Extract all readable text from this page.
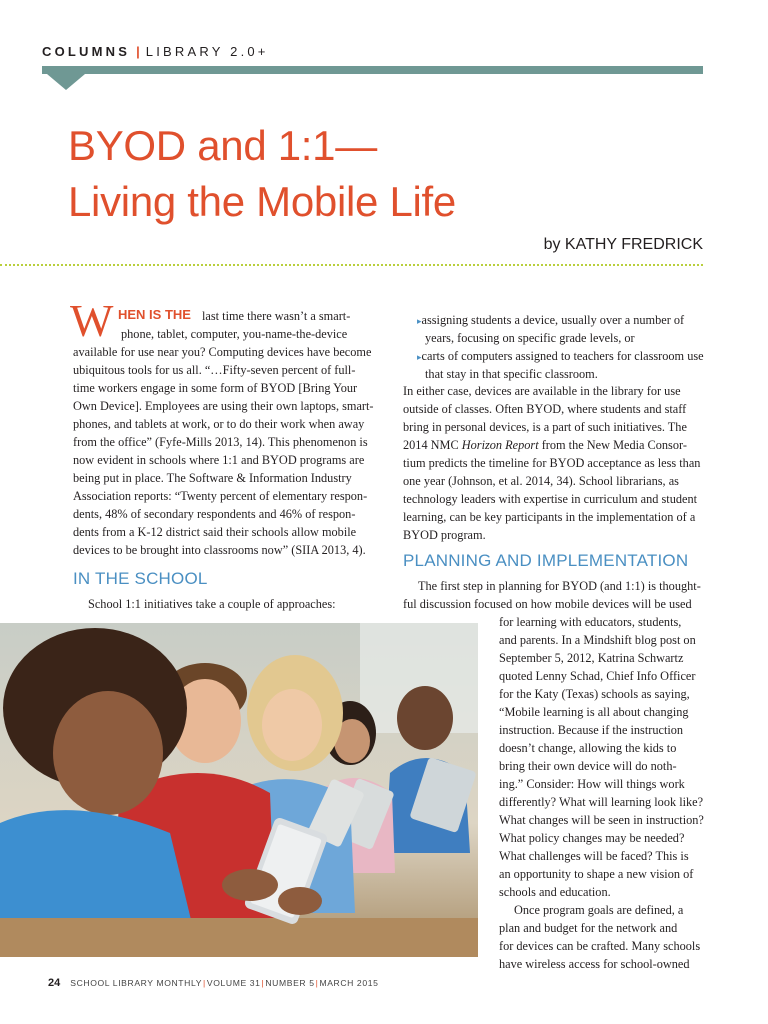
COLUMNS | LIBRARY 2.0+
BYOD and 1:1—
Living the Mobile Life
by KATHY FREDRICK
W HEN IS THE last time there wasn’t a smart-
phone, tablet, computer, you-name-the-device
available for use near you? Computing devices have become
ubiquitous tools for us all. “…Fifty-seven percent of full-
time workers engage in some form of BYOD [Bring Your
Own Device]. Employees are using their own laptops, smart-
phones, and tablets at work, or to do their work when away
from the office” (Fyfe-Mills 2013, 14). This phenomenon is
now evident in schools where 1:1 and BYOD programs are
being put in place. The Software & Information Industry
Association reports: “Twenty percent of elementary respon-
dents, 48% of secondary respondents and 46% of respon-
dents from a K-12 district said their schools allow mobile
devices to be brought into classrooms now” (SIIA 2013, 4).
IN THE SCHOOL
School 1:1 initiatives take a couple of approaches:
▸assigning students a device, usually over a number of
years, focusing on specific grade levels, or
▸carts of computers assigned to teachers for classroom use
that stay in that specific classroom.
In either case, devices are available in the library for use
outside of classes. Often BYOD, where students and staff
bring in personal devices, is a part of such initiatives. The
2014 NMC Horizon Report from the New Media Consor-
tium predicts the timeline for BYOD acceptance as less than
one year (Johnson, et al. 2014, 34). School librarians, as
technology leaders with expertise in curriculum and student
learning, can be key participants in the implementation of a
BYOD program.
PLANNING AND IMPLEMENTATION
The first step in planning for BYOD (and 1:1) is thought-
ful discussion focused on how mobile devices will be used
for learning with educators, students,
and parents. In a Mindshift blog post on
September 5, 2012, Katrina Schwartz
quoted Lenny Schad, Chief Info Officer
for the Katy (Texas) schools as saying,
“Mobile learning is all about changing
instruction. Because if the instruction
doesn’t change, allowing the kids to
bring their own device will do noth-
ing.” Consider: How will things work
differently? What will learning look like?
What changes will be seen in instruction?
What policy changes may be needed?
What challenges will be faced? This is
an opportunity to shape a new vision of
schools and education.
Once program goals are defined, a
plan and budget for the network and
for devices can be crafted. Many schools
have wireless access for school-owned
24 SCHOOL LIBRARY MONTHLY|VOLUME 31|NUMBER 5|MARCH 2015
